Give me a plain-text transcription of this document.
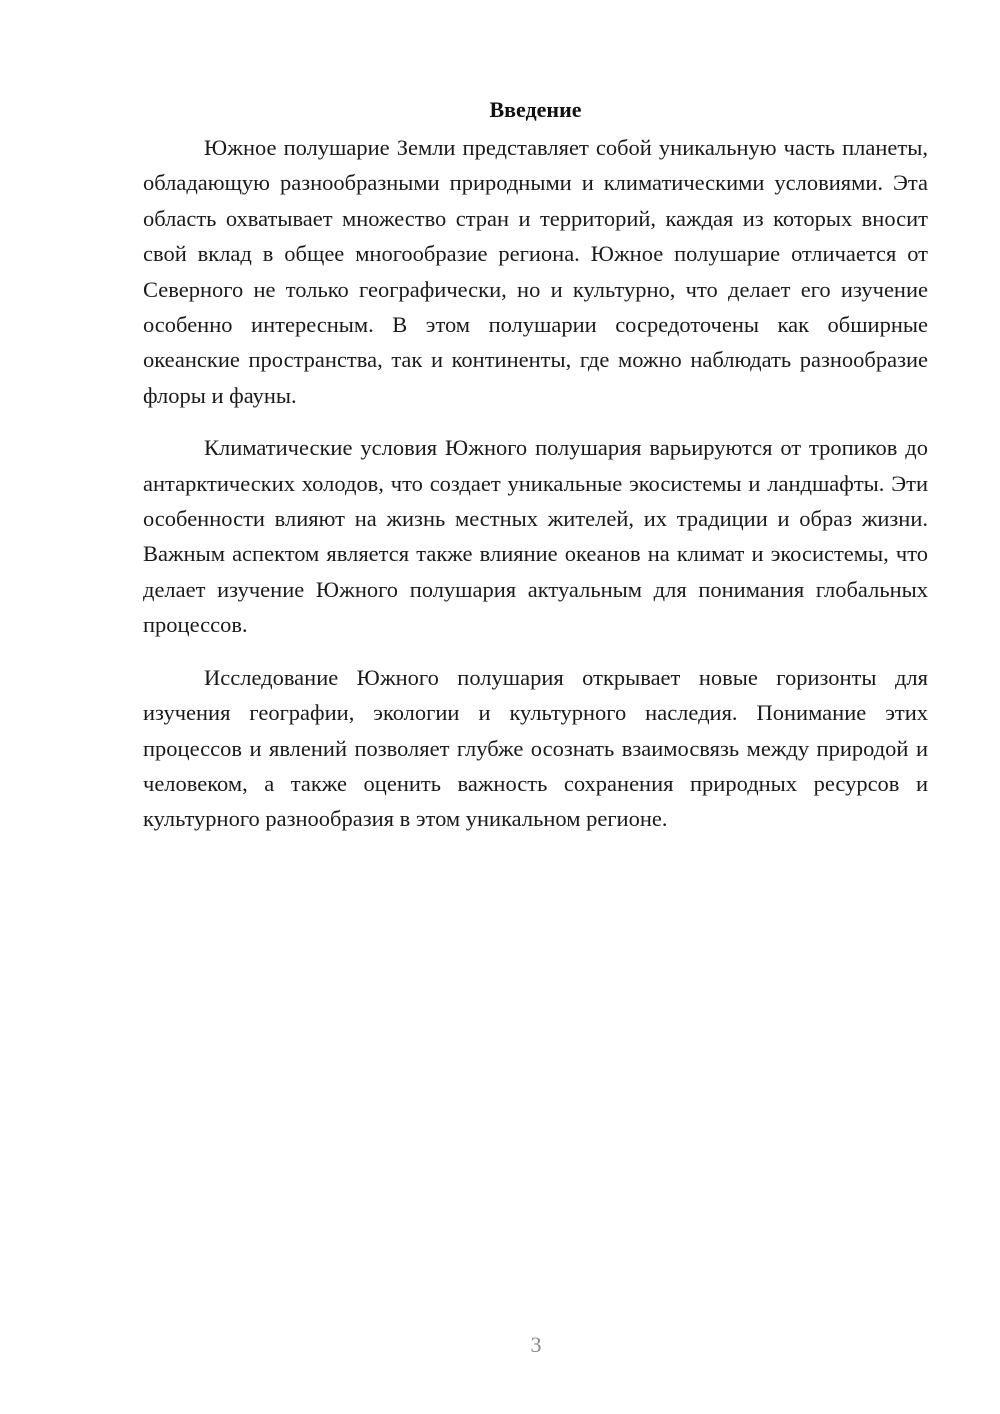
Введение

Южное полушарие Земли представляет собой уникальную часть планеты, обладающую разнообразными природными и климатическими условиями. Эта область охватывает множество стран и территорий, каждая из которых вносит свой вклад в общее многообразие региона. Южное полушарие отличается от Северного не только географически, но и культурно, что делает его изучение особенно интересным. В этом полушарии сосредоточены как обширные океанские пространства, так и континенты, где можно наблюдать разнообразие флоры и фауны.

Климатические условия Южного полушария варьируются от тропиков до антарктических холодов, что создает уникальные экосистемы и ландшафты. Эти особенности влияют на жизнь местных жителей, их традиции и образ жизни. Важным аспектом является также влияние океанов на климат и экосистемы, что делает изучение Южного полушария актуальным для понимания глобальных процессов.

Исследование Южного полушария открывает новые горизонты для изучения географии, экологии и культурного наследия. Понимание этих процессов и явлений позволяет глубже осознать взаимосвязь между природой и человеком, а также оценить важность сохранения природных ресурсов и культурного разнообразия в этом уникальном регионе.

3
